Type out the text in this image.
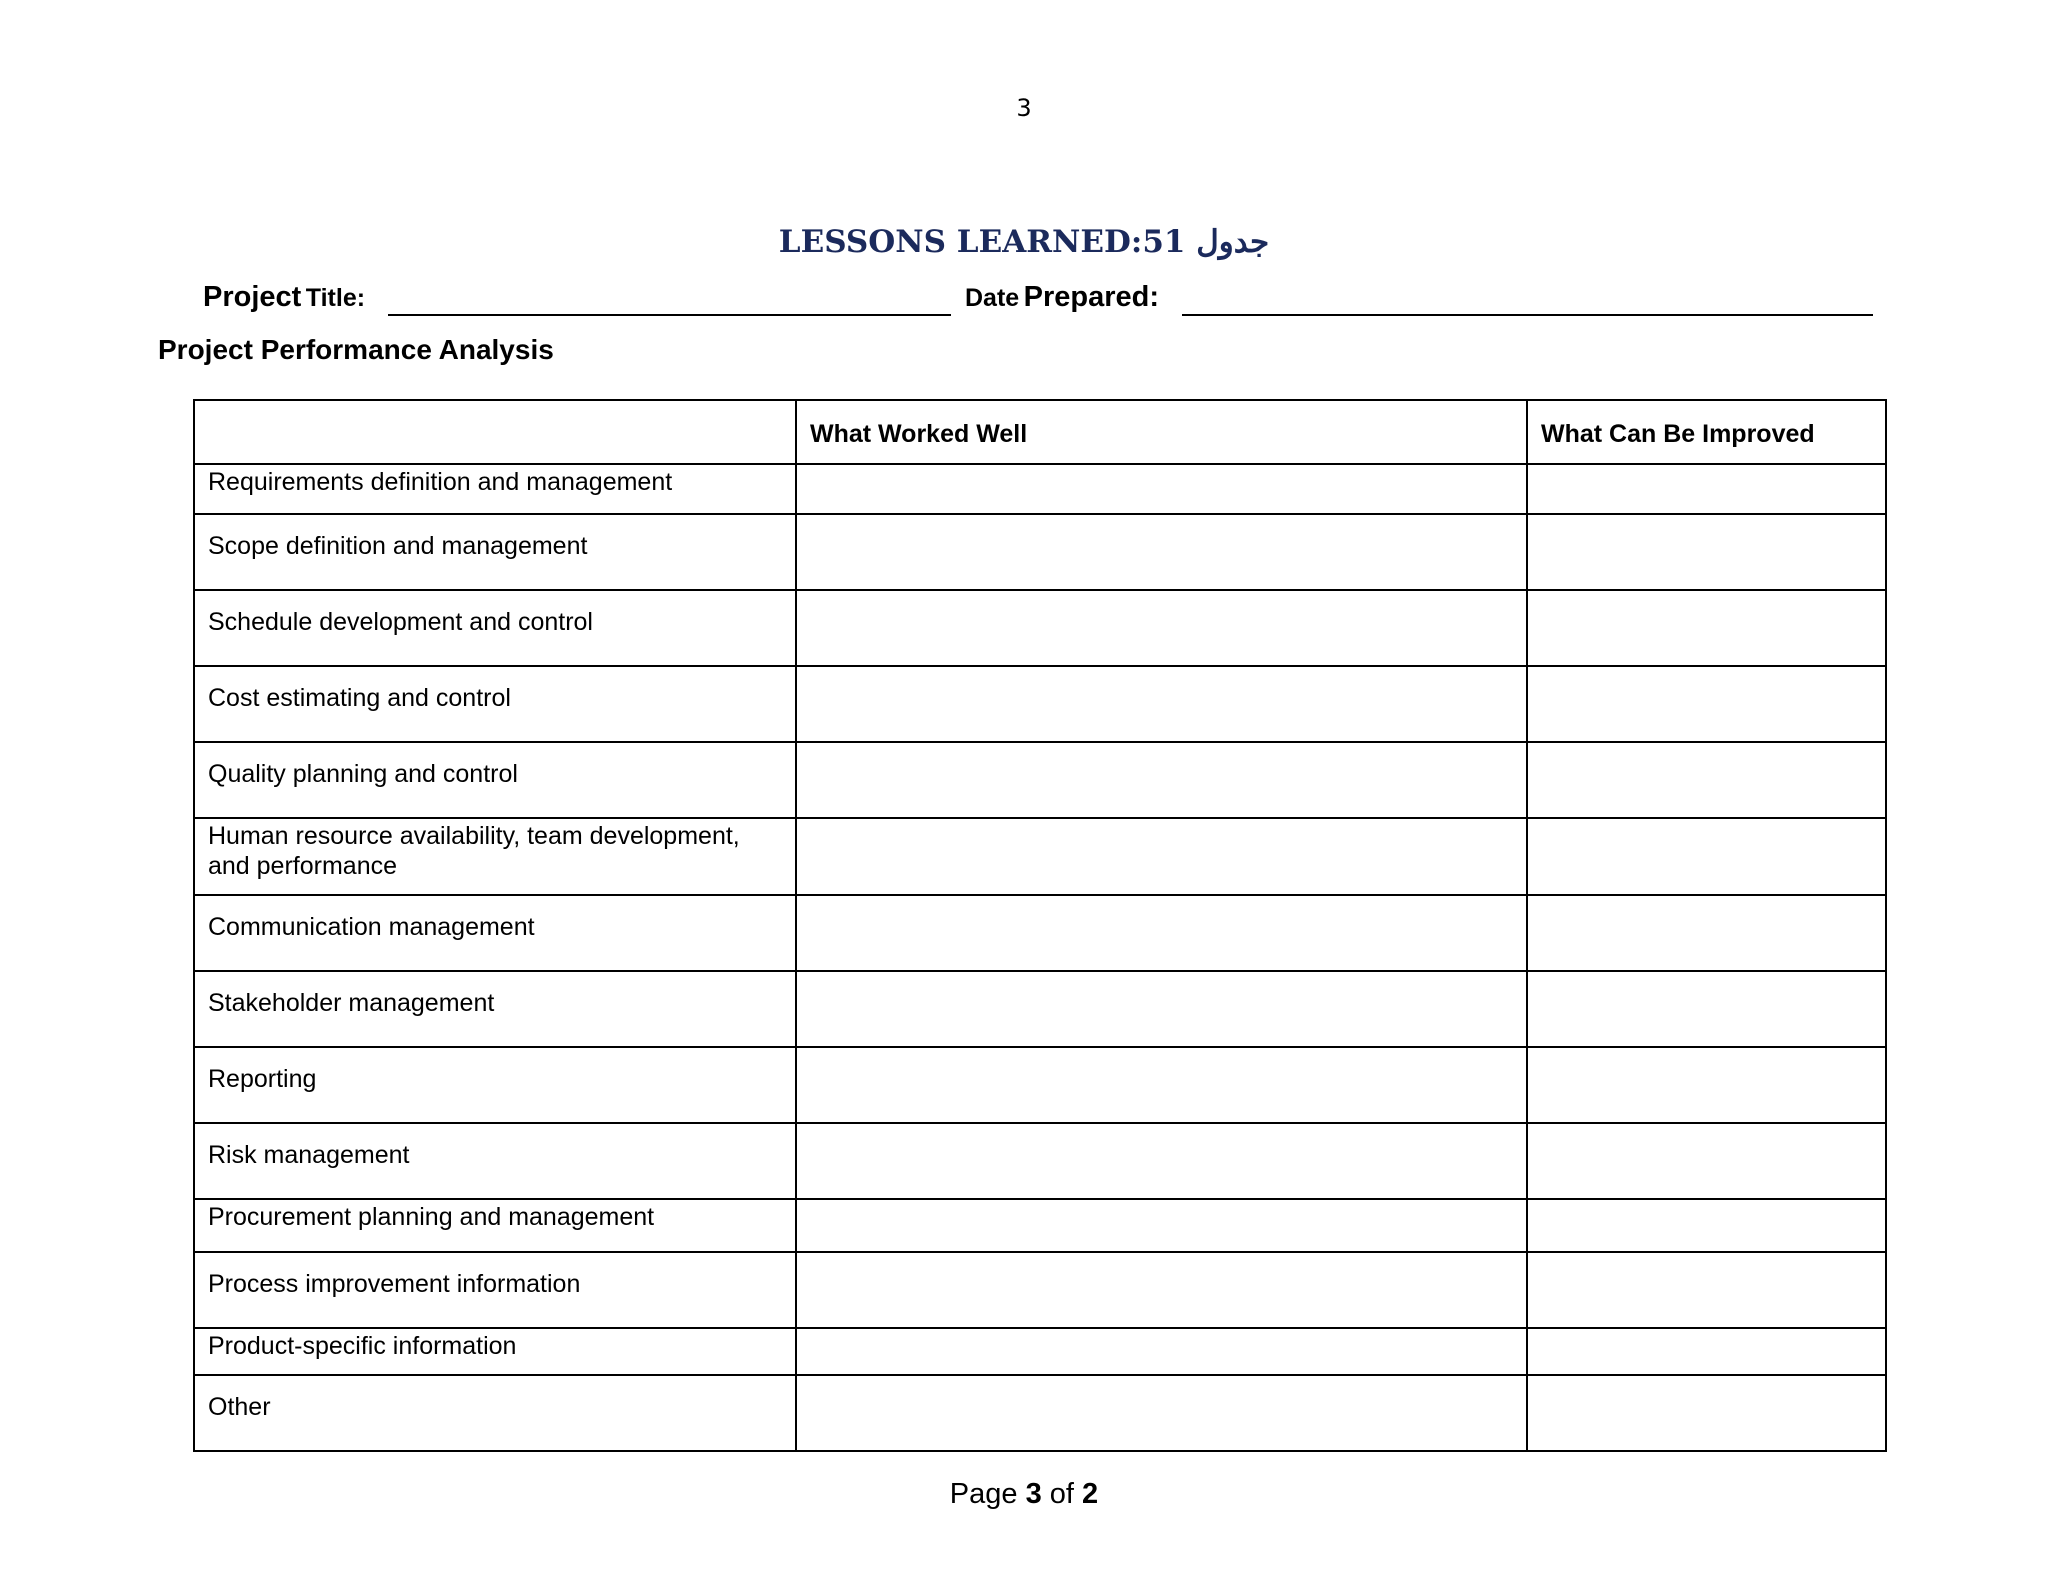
3
LESSONS LEARNED:51 جدول
Project Title:	Date Prepared:
Project Performance Analysis
	What Worked Well	What Can Be Improved
Requirements definition and management		
Scope definition and management		
Schedule development and control		
Cost estimating and control		
Quality planning and control		
Human resource availability, team development, and performance		
Communication management		
Stakeholder management		
Reporting		
Risk management		
Procurement planning and management		
Process improvement information		
Product-specific information		
Other		
Page 3 of 2
